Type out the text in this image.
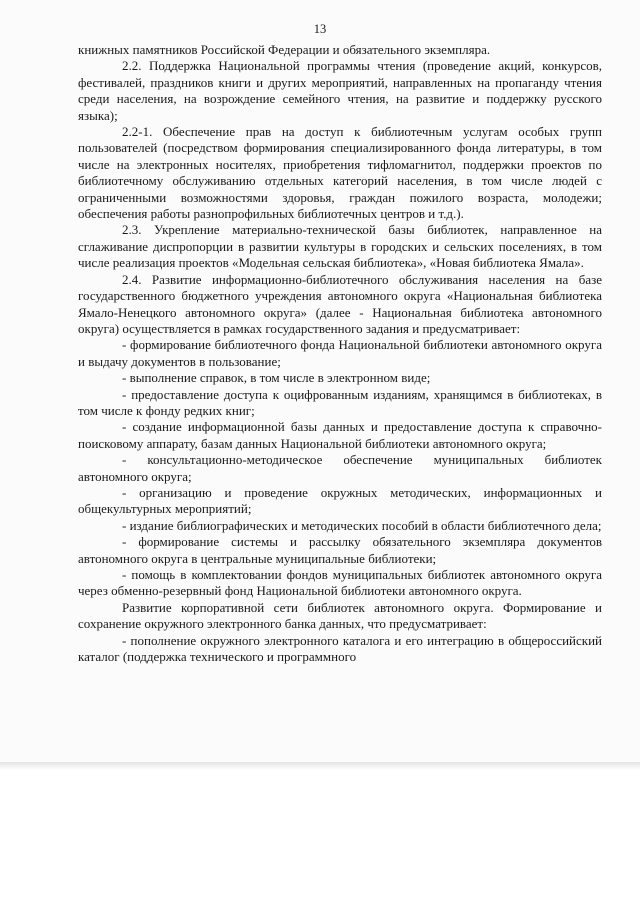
13

книжных памятников Российской Федерации и обязательного экземпляра.

2.2. Поддержка Национальной программы чтения (проведение акций, конкурсов, фестивалей, праздников книги и других мероприятий, направленных на пропаганду чтения среди населения, на возрождение семейного чтения, на развитие и поддержку русского языка);

2.2-1. Обеспечение прав на доступ к библиотечным услугам особых групп пользователей (посредством формирования специализированного фонда литературы, в том числе на электронных носителях, приобретения тифломагнитол, поддержки проектов по библиотечному обслуживанию отдельных категорий населения, в том числе людей с ограниченными возможностями здоровья, граждан пожилого возраста, молодежи; обеспечения работы разнопрофильных библиотечных центров и т.д.).

2.3. Укрепление материально-технической базы библиотек, направленное на сглаживание диспропорции в развитии культуры в городских и сельских поселениях, в том числе реализация проектов «Модельная сельская библиотека», «Новая библиотека Ямала».

2.4. Развитие информационно-библиотечного обслуживания населения на базе государственного бюджетного учреждения автономного округа «Национальная библиотека Ямало-Ненецкого автономного округа» (далее - Национальная библиотека автономного округа) осуществляется в рамках государственного задания и предусматривает:

- формирование библиотечного фонда Национальной библиотеки автономного округа и выдачу документов в пользование;

- выполнение справок, в том числе в электронном виде;

- предоставление доступа к оцифрованным изданиям, хранящимся в библиотеках, в том числе к фонду редких книг;

- создание информационной базы данных и предоставление доступа к справочно-поисковому аппарату, базам данных Национальной библиотеки автономного округа;

- консультационно-методическое обеспечение муниципальных библиотек автономного округа;

- организацию и проведение окружных методических, информационных и общекультурных мероприятий;

- издание библиографических и методических пособий в области библиотечного дела;

- формирование системы и рассылку обязательного экземпляра документов автономного округа в центральные муниципальные библиотеки;

- помощь в комплектовании фондов муниципальных библиотек автономного округа через обменно-резервный фонд Национальной библиотеки автономного округа.

Развитие корпоративной сети библиотек автономного округа. Формирование и сохранение окружного электронного банка данных, что предусматривает:

- пополнение окружного электронного каталога и его интеграцию в общероссийский каталог (поддержка технического и программного
